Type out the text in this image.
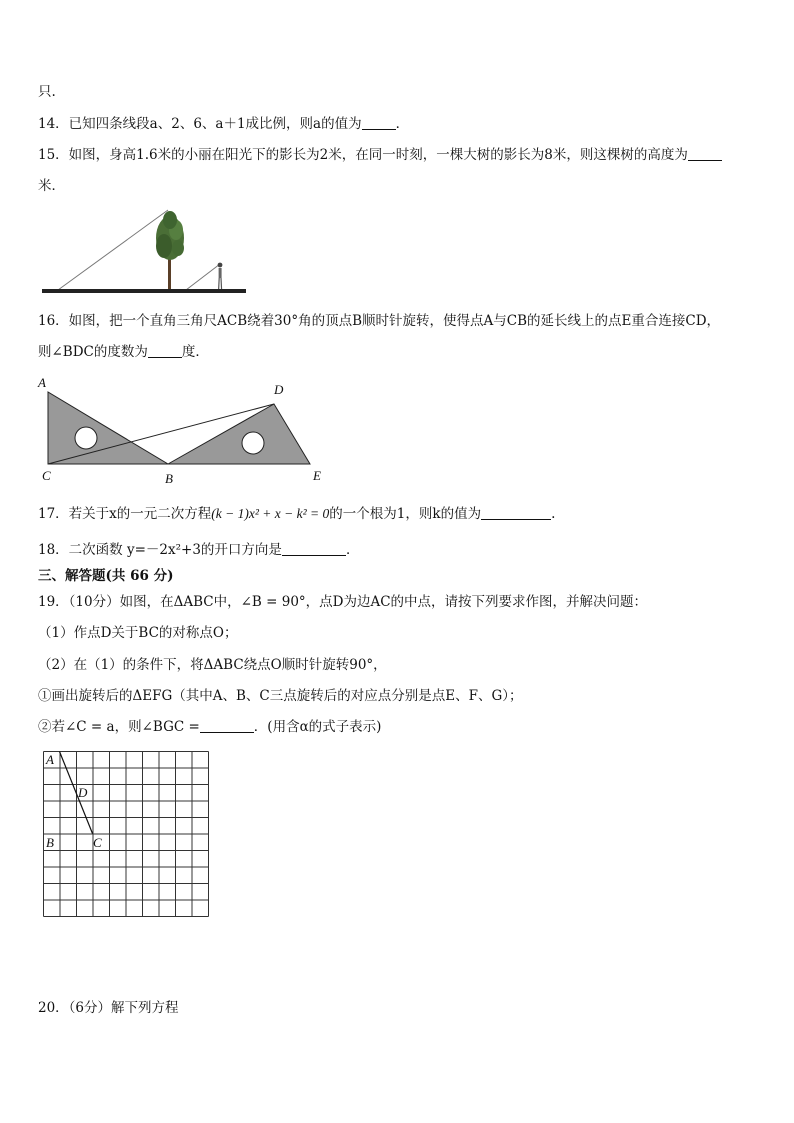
只.
14．已知四条线段a、2、6、a＋1成比例，则a的值为	．
15．如图，身高1.6米的小丽在阳光下的影长为2米，在同一时刻，一棵大树的影长为8米，则这棵树的高度为
米．
16．如图，把一个直角三角尺ACB绕着30°角的顶点B顺时针旋转，使得点A与CB的延长线上的点E重合连接CD，
则∠BDC的度数为	度．
A
C	B
D
E
17．若关于x的一元二次方程(k − 1)x² + x − k² = 0的一个根为1，则k的值为	.
18．二次函数 y=－2x²+3的开口方向是	．
三、解答题(共 66 分)
19．（10分）如图，在ΔABC中，∠B = 90°，点D为边AC的中点，请按下列要求作图，并解决问题：
（1）作点D关于BC的对称点O；
（2）在（1）的条件下，将ΔABC绕点O顺时针旋转90°，
①画出旋转后的ΔEFG（其中A、B、C三点旋转后的对应点分别是点E、F、G）；
②若∠C = a，则∠BGC =	．(用含α的式子表示)
A
D
B	C
20．（6分）解下列方程
